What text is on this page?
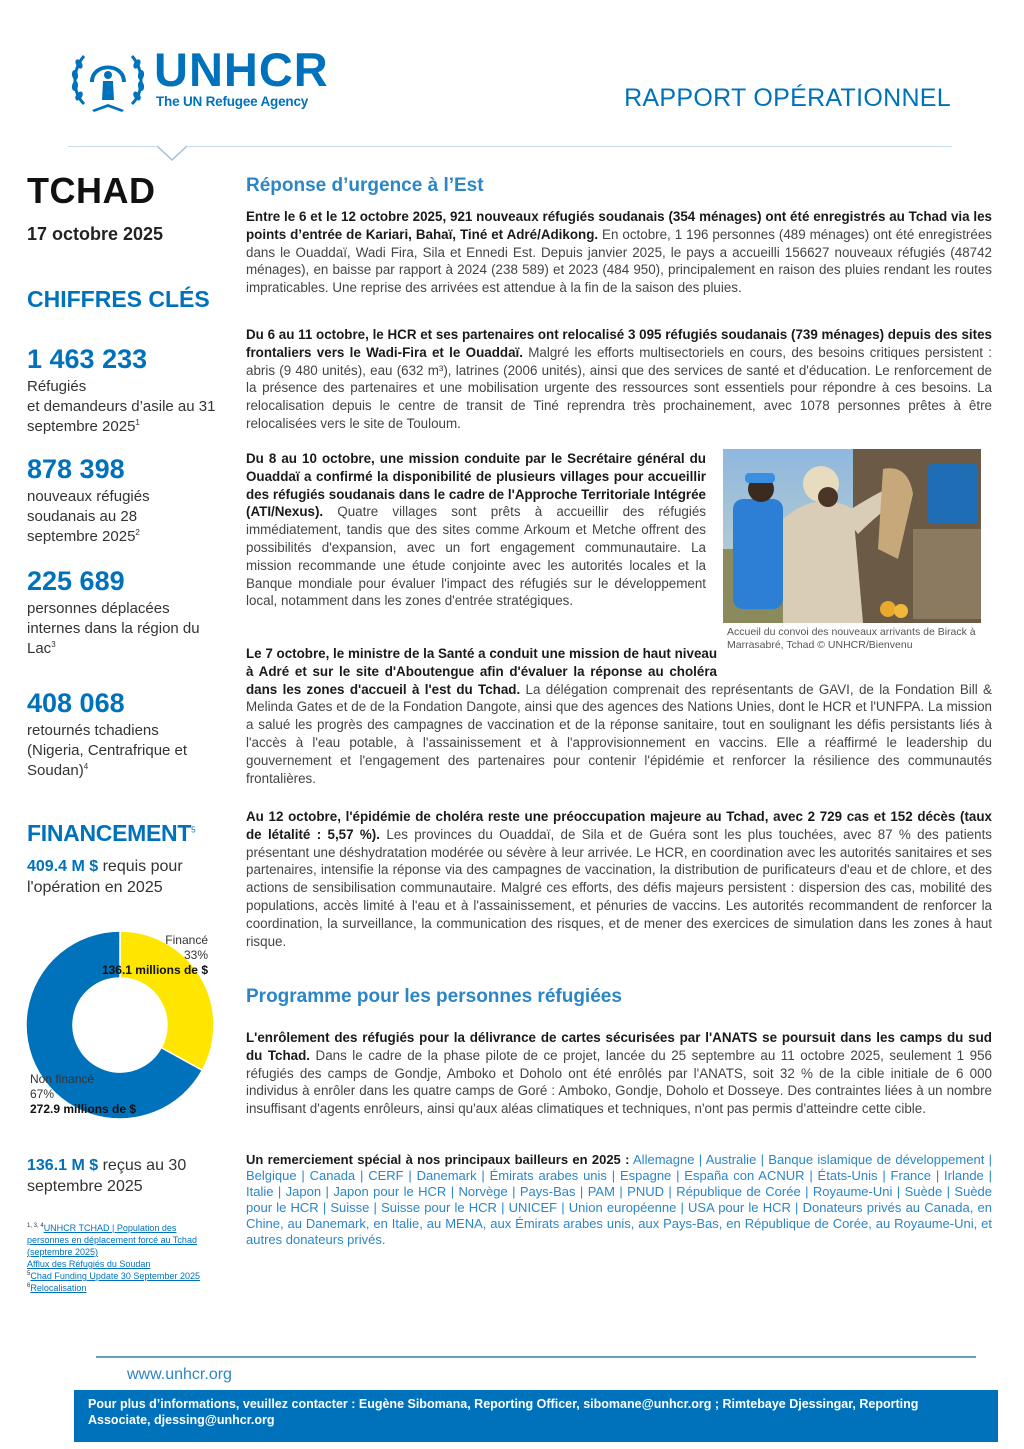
UNHCR
The UN Refugee Agency	RAPPORT OPÉRATIONNEL
TCHAD
17 octobre 2025
CHIFFRES CLÉS
1 463 233
Réfugiés
et demandeurs d’asile au 31 septembre 2025$^1$
878 398
nouveaux réfugiés soudanais au 28 septembre 2025$^2$
225 689
personnes déplacées internes dans la région du Lac$^3$
408 068
retournés tchadiens (Nigeria, Centrafrique et Soudan)$^4$
FINANCEMENT$^5$
409.4 M $ requis pour l'opération en 2025
Financé
33%
136.1 millions de $
Non financé
67%
272.9 millions de $
136.1 M $ reçus au 30 septembre 2025
$^{1, 3, 4}$UNHCR TCHAD | Population des personnes en déplacement forcé au Tchad (septembre 2025)
Afflux des Réfugiés du Soudan
$^5$Chad Funding Update 30 September 2025
$^6$Relocalisation
Réponse d’urgence à l’Est
Entre le 6 et le 12 octobre 2025, 921 nouveaux réfugiés soudanais (354 ménages) ont été enregistrés au Tchad via les points d’entrée de Kariari, Bahaï, Tiné et Adré/Adikong. En octobre, 1 196 personnes (489 ménages) ont été enregistrées dans le Ouaddaï, Wadi Fira, Sila et Ennedi Est. Depuis janvier 2025, le pays a accueilli 156627 nouveaux réfugiés (48742 ménages), en baisse par rapport à 2024 (238 589) et 2023 (484 950), principalement en raison des pluies rendant les routes impraticables. Une reprise des arrivées est attendue à la fin de la saison des pluies.
Du 6 au 11 octobre, le HCR et ses partenaires ont relocalisé 3 095 réfugiés soudanais (739 ménages) depuis des sites frontaliers vers le Wadi-Fira et le Ouaddaï. Malgré les efforts multisectoriels en cours, des besoins critiques persistent : abris (9 480 unités), eau (632 m³), latrines (2006 unités), ainsi que des services de santé et d'éducation. Le renforcement de la présence des partenaires et une mobilisation urgente des ressources sont essentiels pour répondre à ces besoins. La relocalisation depuis le centre de transit de Tiné reprendra très prochainement, avec 1078 personnes prêtes à être relocalisées vers le site de Touloum.
Du 8 au 10 octobre, une mission conduite par le Secrétaire général du Ouaddaï a confirmé la disponibilité de plusieurs villages pour accueillir des réfugiés soudanais dans le cadre de l'Approche Territoriale Intégrée (ATI/Nexus). Quatre villages sont prêts à accueillir des réfugiés immédiatement, tandis que des sites comme Arkoum et Metche offrent des possibilités d'expansion, avec un fort engagement communautaire. La mission recommande une étude conjointe avec les autorités locales et la Banque mondiale pour évaluer l'impact des réfugiés sur le développement local, notamment dans les zones d'entrée stratégiques.
Accueil du convoi des nouveaux arrivants de Birack à Marrasabré, Tchad © UNHCR/Bienvenu
Le 7 octobre, le ministre de la Santé a conduit une mission de haut niveau à Adré et sur le site d'Aboutengue afin d'évaluer la réponse au choléra dans les zones d'accueil à l'est du Tchad. La délégation comprenait des représentants de GAVI, de la Fondation Bill & Melinda Gates et de de la Fondation Dangote, ainsi que des agences des Nations Unies, dont le HCR et l'UNFPA. La mission a salué les progrès des campagnes de vaccination et de la réponse sanitaire, tout en soulignant les défis persistants liés à l'accès à l'eau potable, à l'assainissement et à l'approvisionnement en vaccins. Elle a réaffirmé le leadership du gouvernement et l'engagement des partenaires pour contenir l'épidémie et renforcer la résilience des communautés frontalières.
Au 12 octobre, l'épidémie de choléra reste une préoccupation majeure au Tchad, avec 2 729 cas et 152 décès (taux de létalité : 5,57 %). Les provinces du Ouaddaï, de Sila et de Guéra sont les plus touchées, avec 87 % des patients présentant une déshydratation modérée ou sévère à leur arrivée. Le HCR, en coordination avec les autorités sanitaires et ses partenaires, intensifie la réponse via des campagnes de vaccination, la distribution de purificateurs d'eau et de chlore, et des actions de sensibilisation communautaire. Malgré ces efforts, des défis majeurs persistent : dispersion des cas, mobilité des populations, accès limité à l'eau et à l'assainissement, et pénuries de vaccins. Les autorités recommandent de renforcer la coordination, la surveillance, la communication des risques, et de mener des exercices de simulation dans les zones à haut risque.
Programme pour les personnes réfugiées
L'enrôlement des réfugiés pour la délivrance de cartes sécurisées par l'ANATS se poursuit dans les camps du sud du Tchad. Dans le cadre de la phase pilote de ce projet, lancée du 25 septembre au 11 octobre 2025, seulement 1 956 réfugiés des camps de Gondje, Amboko et Doholo ont été enrôlés par l'ANATS, soit 32 % de la cible initiale de 6 000 individus à enrôler dans les quatre camps de Goré : Amboko, Gondje, Doholo et Dosseye. Des contraintes liées à un nombre insuffisant d'agents enrôleurs, ainsi qu'aux aléas climatiques et techniques, n'ont pas permis d'atteindre cette cible.
Un remerciement spécial à nos principaux bailleurs en 2025 : Allemagne | Australie | Banque islamique de développement | Belgique | Canada | CERF | Danemark | Émirats arabes unis | Espagne | España con ACNUR | États-Unis | France | Irlande | Italie | Japon | Japon pour le HCR | Norvège | Pays-Bas | PAM | PNUD | République de Corée | Royaume-Uni | Suède | Suède pour le HCR | Suisse | Suisse pour le HCR | UNICEF | Union européenne | USA pour le HCR | Donateurs privés au Canada, en Chine, au Danemark, en Italie, au MENA, aux Émirats arabes unis, aux Pays-Bas, en République de Corée, au Royaume-Uni, et autres donateurs privés.
www.unhcr.org
Pour plus d’informations, veuillez contacter : Eugène Sibomana, Reporting Officer, sibomane@unhcr.org ; Rimtebaye Djessingar, Reporting Associate, djessing@unhcr.org
